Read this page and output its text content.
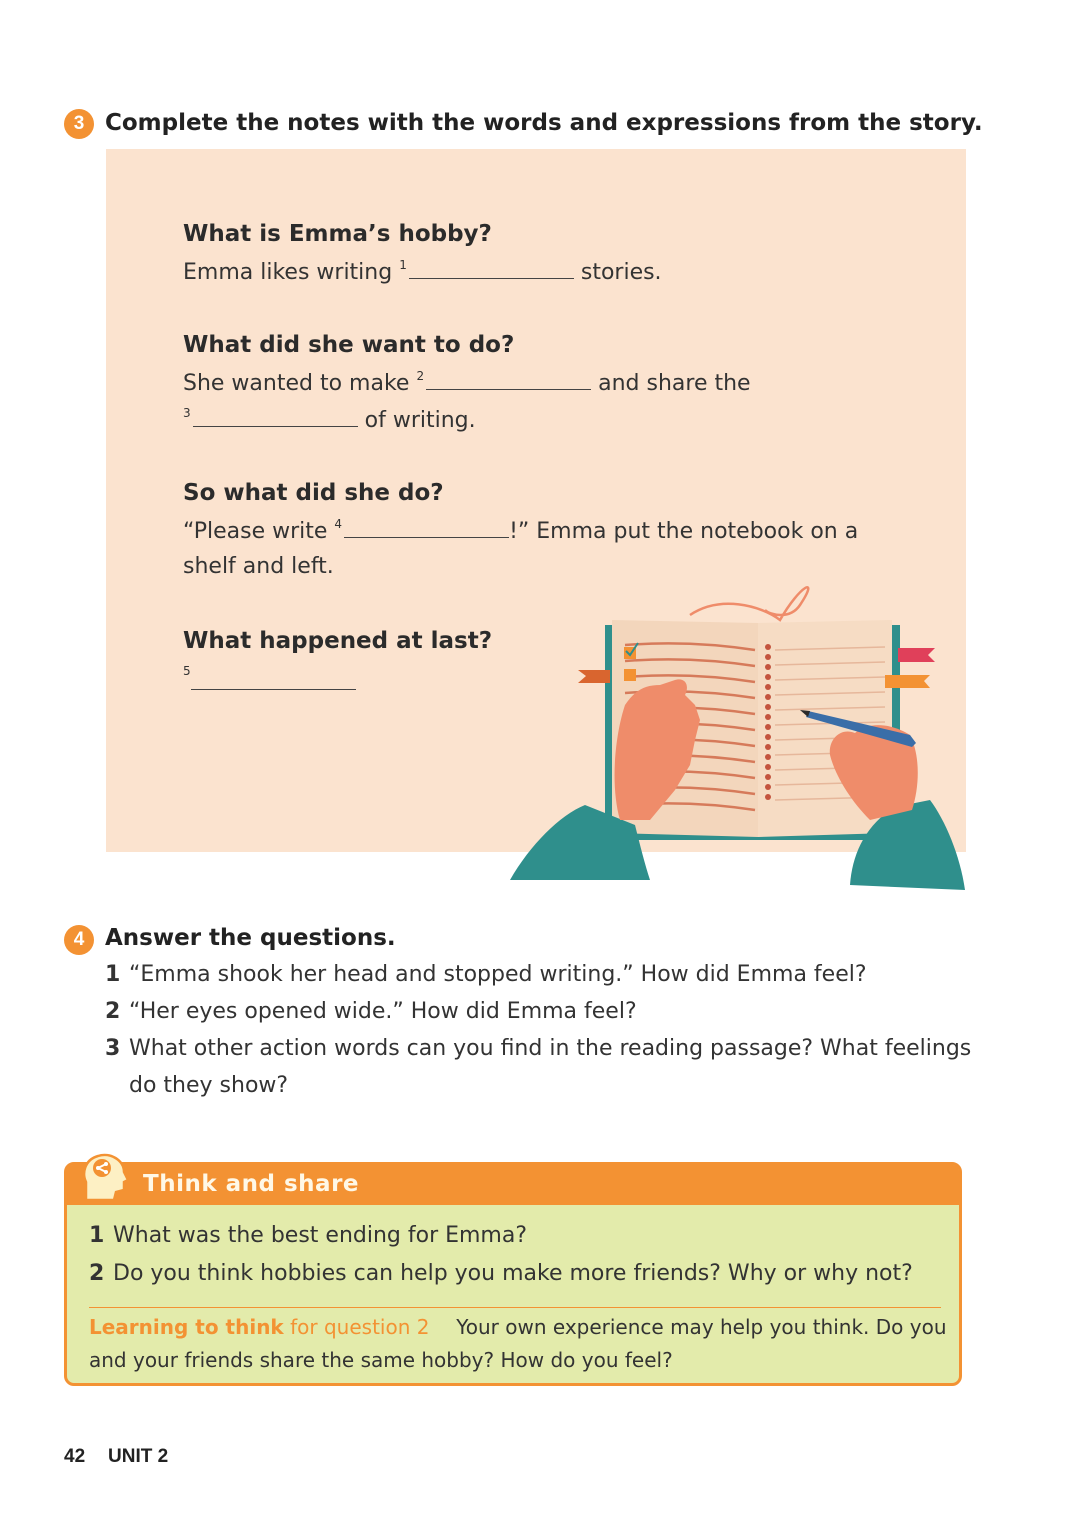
3 Complete the notes with the words and expressions from the story.
What is Emma’s hobby?
Emma likes writing $^1$	stories.
What did she want to do?
She wanted to make $^2$	and share the
$^3$	of writing.
So what did she do?
“Please write $^4$	!” Emma put the notebook on a
shelf and left.
What happened at last?
5
4 Answer the questions.
1 “Emma shook her head and stopped writing.” How did Emma feel?
2 “Her eyes opened wide.” How did Emma feel?
3 What other action words can you find in the reading passage? What feelings
do they show?
Think and share
1 What was the best ending for Emma?
2 Do you think hobbies can help you make more friends? Why or why not?
Learning to think for question 2 Your own experience may help you think. Do you
and your friends share the same hobby? How do you feel?
42 UNIT 2
